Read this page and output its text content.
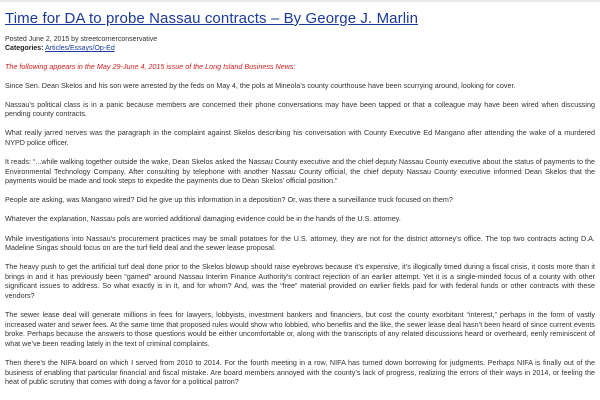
Time for DA to probe Nassau contracts – By George J. Marlin
Posted June 2, 2015 by streetcornerconservative
Categories: Articles/Essays/Op-Ed

The following appears in the May 29-June 4, 2015 issue of the Long Island Business News:

Since Sen. Dean Skelos and his son were arrested by the feds on May 4, the pols at Mineola’s county courthouse have been scurrying around, looking for cover.

Nassau’s political class is in a panic because members are concerned their phone conversations may have been tapped or that a colleague may have been wired when discussing pending county contracts.

What really jarred nerves was the paragraph in the complaint against Skelos describing his conversation with County Executive Ed Mangano after attending the wake of a murdered NYPD police officer.

It reads: “...while walking together outside the wake, Dean Skelos asked the Nassau County executive and the chief deputy Nassau County executive about the status of payments to the Environmental Technology Company. After consulting by telephone with another Nassau County official, the chief deputy Nassau County executive informed Dean Skelos that the payments would be made and took steps to expedite the payments due to Dean Skelos’ official position.”

People are asking, was Mangano wired? Did he give up this information in a deposition? Or, was there a surveillance truck focused on them?

Whatever the explanation, Nassau pols are worried additional damaging evidence could be in the hands of the U.S. attorney.

While investigations into Nassau’s procurement practices may be small potatoes for the U.S. attorney, they are not for the district attorney’s office. The top two contracts acting D.A. Madeline Singas should focus on are the turf field deal and the sewer lease proposal.

The heavy push to get the artificial turf deal done prior to the Skelos blowup should raise eyebrows because it’s expensive, it’s illogically timed during a fiscal crisis, it costs more than it brings in and it has previously been “gamed” around Nassau Interim Finance Authority’s contract rejection of an earlier attempt. Yet it is a single-minded focus of a county with other significant issues to address. So what exactly is in it, and for whom? And, was the “free” material provided on earlier fields paid for with federal funds or other contracts with these vendors?

The sewer lease deal will generate millions in fees for lawyers, lobbyists, investment bankers and financiers, but cost the county exorbitant “interest,” perhaps in the form of vastly increased water and sewer fees. At the same time that proposed rules would show who lobbied, who benefits and the like, the sewer lease deal hasn’t been heard of since current events broke. Perhaps because the answers to those questions would be either uncomfortable or, along with the transcripts of any related discussions heard or overheard, eerily reminiscent of what we’ve been reading lately in the text of criminal complaints.

Then there’s the NIFA board on which I served from 2010 to 2014. For the fourth meeting in a row, NIFA has turned down borrowing for judgments. Perhaps NIFA is finally out of the business of enabling that particular financial and fiscal mistake. Are board members annoyed with the county’s lack of progress, realizing the errors of their ways in 2014, or feeling the heat of public scrutiny that comes with doing a favor for a political patron?
